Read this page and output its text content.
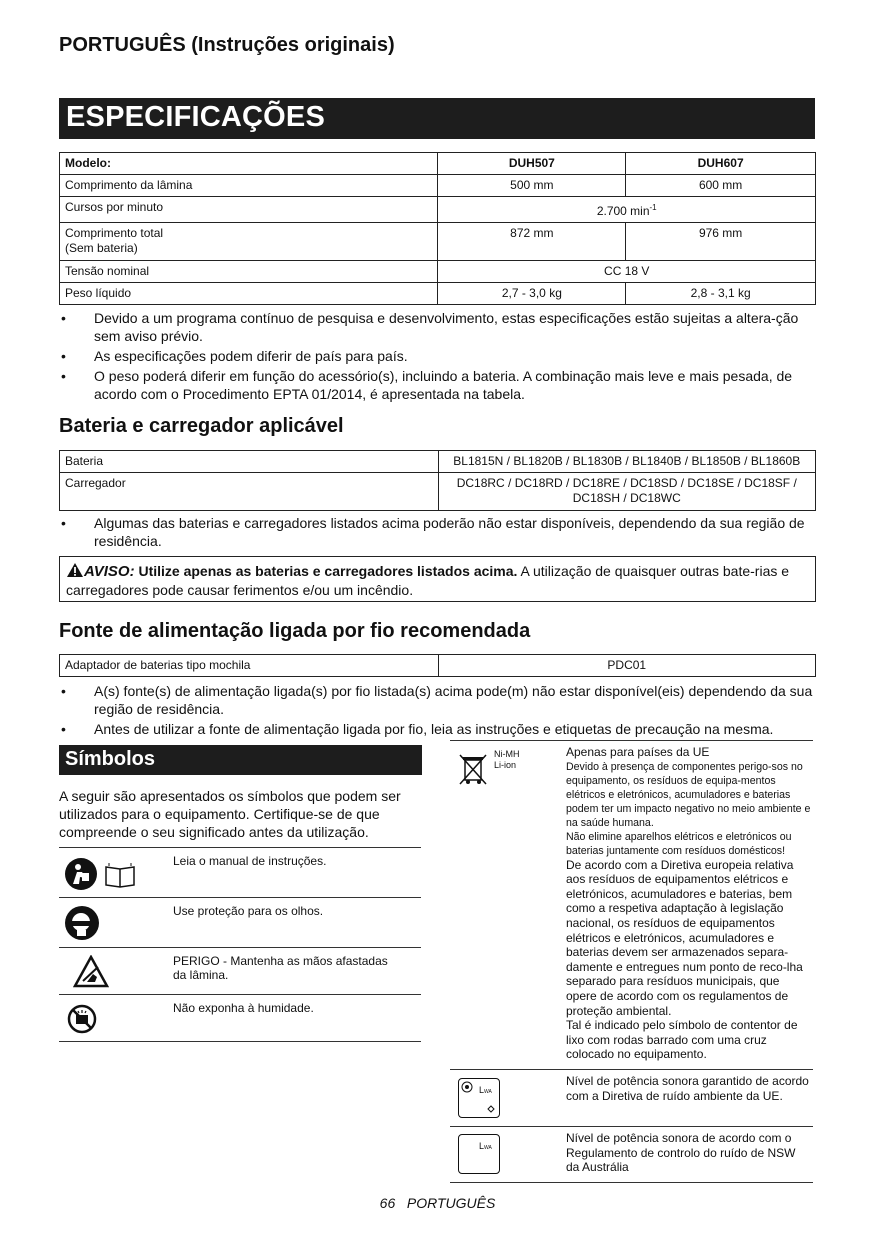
PORTUGUÊS (Instruções originais)
ESPECIFICAÇÕES
Modelo:	DUH507	DUH607
Comprimento da lâmina	500 mm	600 mm
Cursos por minuto	2.700 $\min^{-1}$
Comprimento total
(Sem bateria)	872 mm	976 mm
Tensão nominal	CC 18 V	
Peso líquido	2,7 - 3,0 kg	2,8 - 3,1 kg
• Devido a um programa contínuo de pesquisa e desenvolvimento, estas especificações estão sujeitas a altera-ção sem aviso prévio.
• As especificações podem diferir de país para país.
• O peso poderá diferir em função do acessório(s), incluindo a bateria. A combinação mais leve e mais pesada, de acordo com o Procedimento EPTA 01/2014, é apresentada na tabela.
Bateria e carregador aplicável
Bateria	BL1815N / BL1820B / BL1830B / BL1840B / BL1850B / BL1860B
Carregador	DC18RC / DC18RD / DC18RE / DC18SD / DC18SE / DC18SF /
DC18SH / DC18WC
• Algumas das baterias e carregadores listados acima poderão não estar disponíveis, dependendo da sua região de residência.
AVISO: Utilize apenas as baterias e carregadores listados acima. A utilização de quaisquer outras bate-rias e carregadores pode causar ferimentos e/ou um incêndio.
Fonte de alimentação ligada por fio recomendada
Adaptador de baterias tipo mochila	PDC01
• A(s) fonte(s) de alimentação ligada(s) por fio listada(s) acima pode(m) não estar disponível(eis) dependendo da sua região de residência.
• Antes de utilizar a fonte de alimentação ligada por fio, leia as instruções e etiquetas de precaução na mesma.
Símbolos
A seguir são apresentados os símbolos que podem ser utilizados para o equipamento. Certifique-se de que compreende o seu significado antes da utilização.
Leia o manual de instruções.
Use proteção para os olhos.
PERIGO - Mantenha as mãos afastadas
da lâmina.
Não exponha à humidade.
Ni-MH
Li-ion
Apenas para países da UE
Devido à presença de componentes perigo-sos no equipamento, os resíduos de equipa-mentos elétricos e eletrónicos, acumuladores e baterias podem ter um impacto negativo no meio ambiente e na saúde humana.
Não elimine aparelhos elétricos e eletrónicos ou baterias juntamente com resíduos domésticos!
De acordo com a Diretiva europeia relativa aos resíduos de equipamentos elétricos e eletrónicos, acumuladores e baterias, bem como a respetiva adaptação à legislação nacional, os resíduos de equipamentos elétricos e eletrónicos, acumuladores e baterias devem ser armazenados separa-damente e entregues num ponto de reco-lha separado para resíduos municipais, que opere de acordo com os regulamentos de proteção ambiental.
Tal é indicado pelo símbolo de contentor de lixo com rodas barrado com uma cruz colocado no equipamento.
LWA
Nível de potência sonora garantido de acordo com a Diretiva de ruído ambiente da UE.
LWA
Nível de potência sonora de acordo com o Regulamento de controlo do ruído de NSW da Austrália
66 PORTUGUÊS
